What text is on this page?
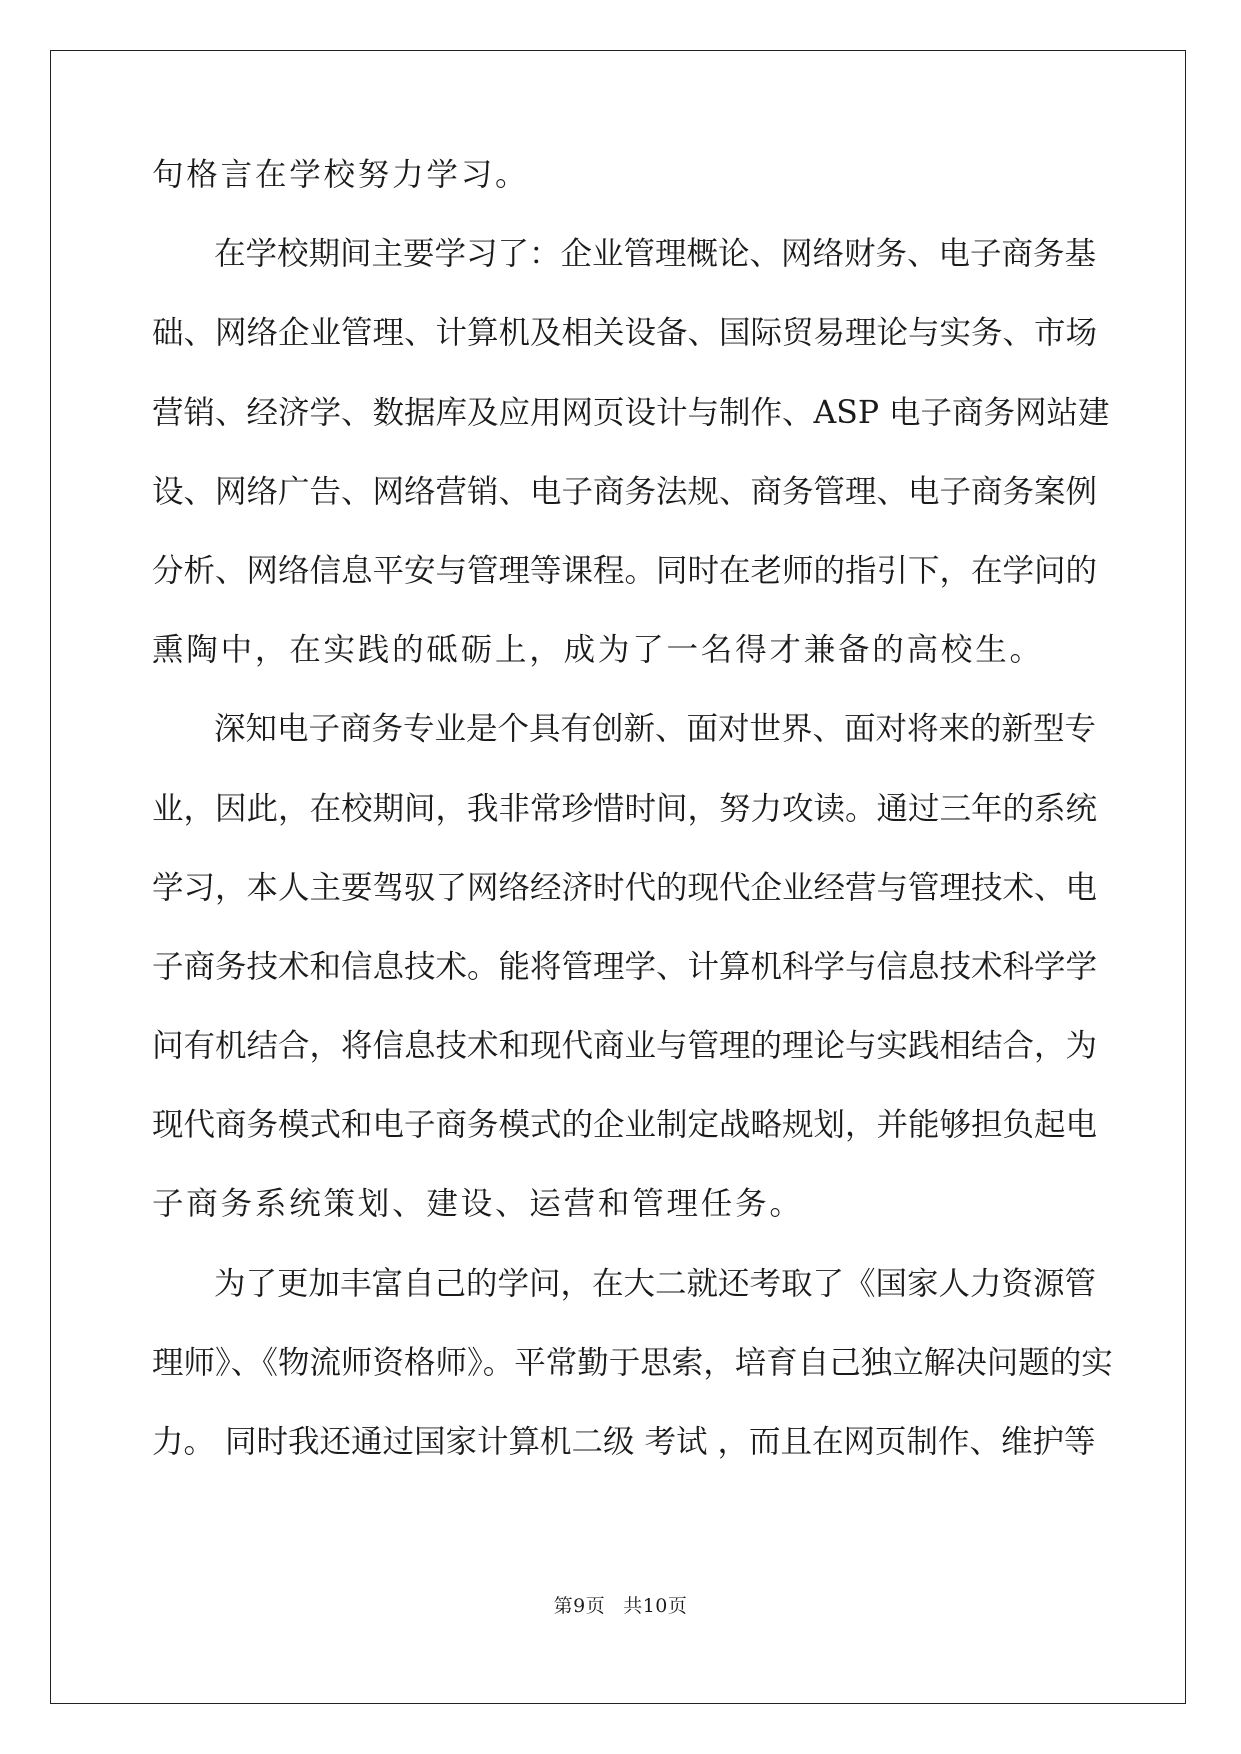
句格言在学校努力学习。
在学校期间主要学习了：企业管理概论、网络财务、电子商务基
础、网络企业管理、计算机及相关设备、国际贸易理论与实务、市场
营销、经济学、数据库及应用网页设计与制作、ASP 电子商务网站建
设、网络广告、网络营销、电子商务法规、商务管理、电子商务案例
分析、网络信息平安与管理等课程。同时在老师的指引下，在学问的
熏陶中，在实践的砥砺上，成为了一名得才兼备的高校生。
深知电子商务专业是个具有创新、面对世界、面对将来的新型专
业，因此，在校期间，我非常珍惜时间，努力攻读。通过三年的系统
学习，本人主要驾驭了网络经济时代的现代企业经营与管理技术、电
子商务技术和信息技术。能将管理学、计算机科学与信息技术科学学
问有机结合，将信息技术和现代商业与管理的理论与实践相结合，为
现代商务模式和电子商务模式的企业制定战略规划，并能够担负起电
子商务系统策划、建设、运营和管理任务。
为了更加丰富自己的学问，在大二就还考取了《国家人力资源管
理师》、《物流师资格师》。平常勤于思索，培育自己独立解决问题的实
力。 同时我还通过国家计算机二级 考试 ，而且在网页制作、维护等
第9页 共10页
